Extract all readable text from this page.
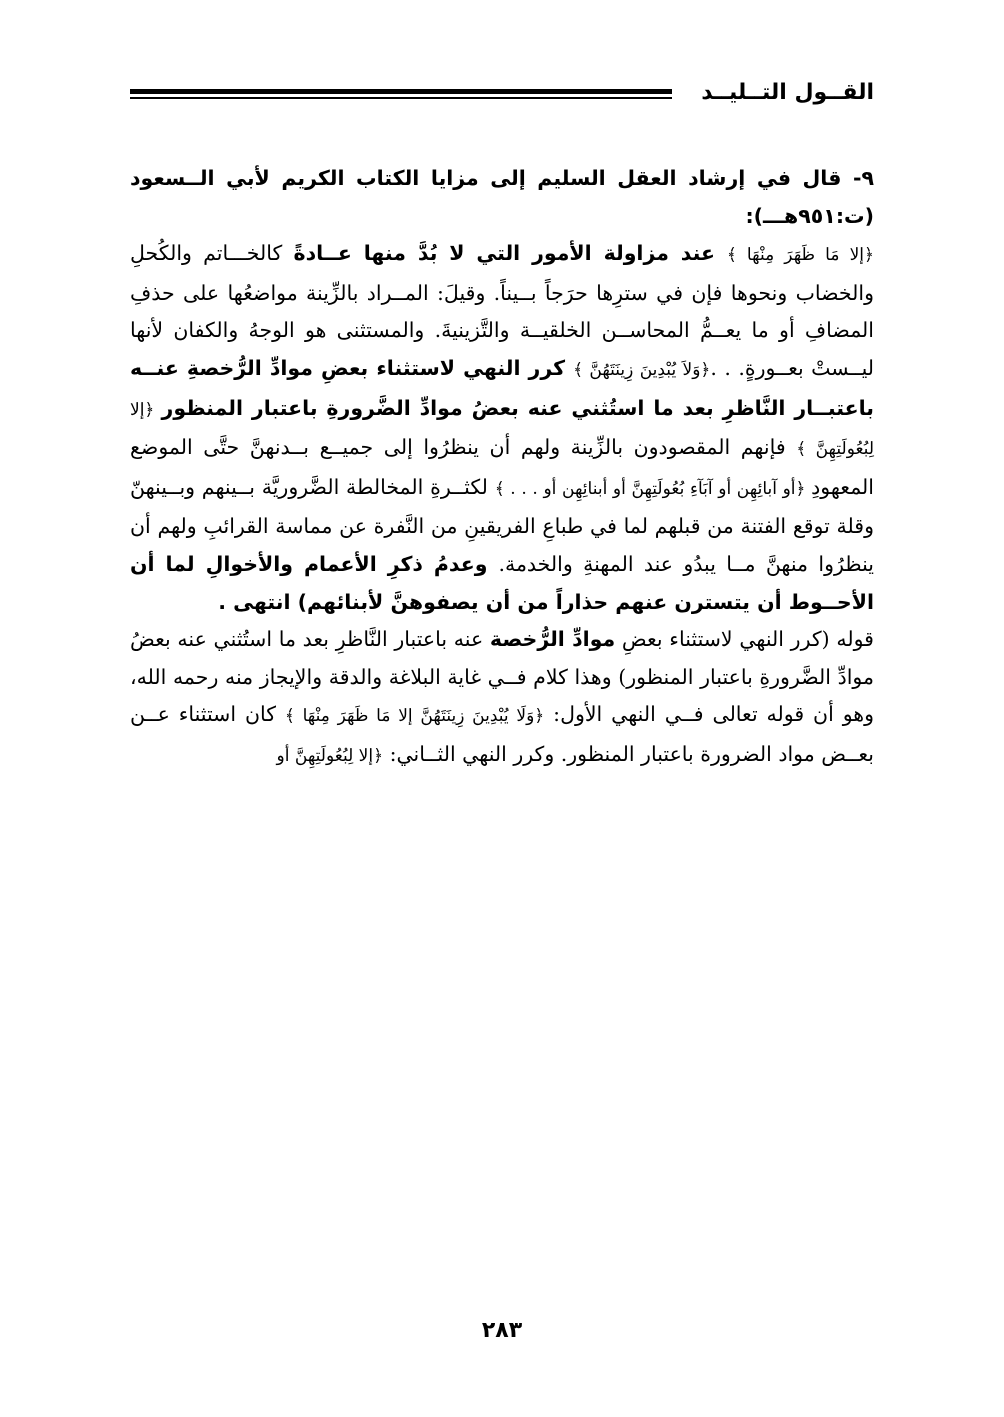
القــول التــليــد

٩- قال في إرشاد العقل السليم إلى مزايا الكتاب الكريم لأبي الــسعود (ت:٩٥١هـــ):

﴿إلا مَا ظَهَرَ مِنْهَا ﴾ عند مزاولة الأمور التي لا بُدَّ منها عــادةً كالخـــاتم والكُحلِ والخضاب ونحوها فإن في سترِها حرَجاً بــيناً. وقيلَ: المــراد بالزِّينة مواضعُها على حذفِ المضافِ أو ما يعــمُّ المحاســن الخلقيــة والتَّزينيةَ. والمستثنى هو الوجهُ والكفان لأنها ليــستْ بعــورةٍ. . .﴿وَلاَ يُبْدِينَ زِينَتَهُنَّ ﴾ كرر النهي لاستثناء بعضِ موادِّ الرُّخصةِ عنــه باعتبــار النَّاظرِ بعد ما استُثني عنه بعضُ موادِّ الضَّرورةِ باعتبار المنظور ﴿إلا لِبُعُولَتِهِنَّ ﴾ فإنهم المقصودون بالزِّينة ولهم أن ينظرُوا إلى جميــع بــدنهنَّ حتَّى الموضع المعهودِ ﴿أو آبائِهِن أو آبَآءِ بُعُولَتِهِنَّ أو أبنائِهِن أو . . . ﴾ لكثــرةِ المخالطة الضَّروريَّة بــينهم وبــينهنّ وقلة توقع الفتنة من قبلهم لما في طباعِ الفريقينِ من النَّفرة عن مماسة القرائبِ ولهم أن ينظرُوا منهنَّ مــا يبدُو عند المهنةِ والخدمة. وعدمُ ذكرِ الأعمام والأخوالِ لما أن الأحــوط أن يتسترن عنهم حذاراً من أن يصفوهنَّ لأبنائهم) انتهى .

قوله (كرر النهي لاستثناء بعضِ موادِّ الرُّخصة عنه باعتبار النَّاظرِ بعد ما استُثني عنه بعضُ موادِّ الضَّرورةِ باعتبار المنظور) وهذا كلام فــي غاية البلاغة والدقة والإيجاز منه رحمه الله، وهو أن قوله تعالى فــي النهي الأول: ﴿وَلَا يُبْدِينَ زِينَتَهُنَّ إلا مَا ظَهَرَ مِنْهَا ﴾ كان استثناء عــن بعــض مواد الضرورة باعتبار المنظور. وكرر النهي الثــاني: ﴿إلا لِبُعُولَتِهِنَّ أو

٢٨٣
